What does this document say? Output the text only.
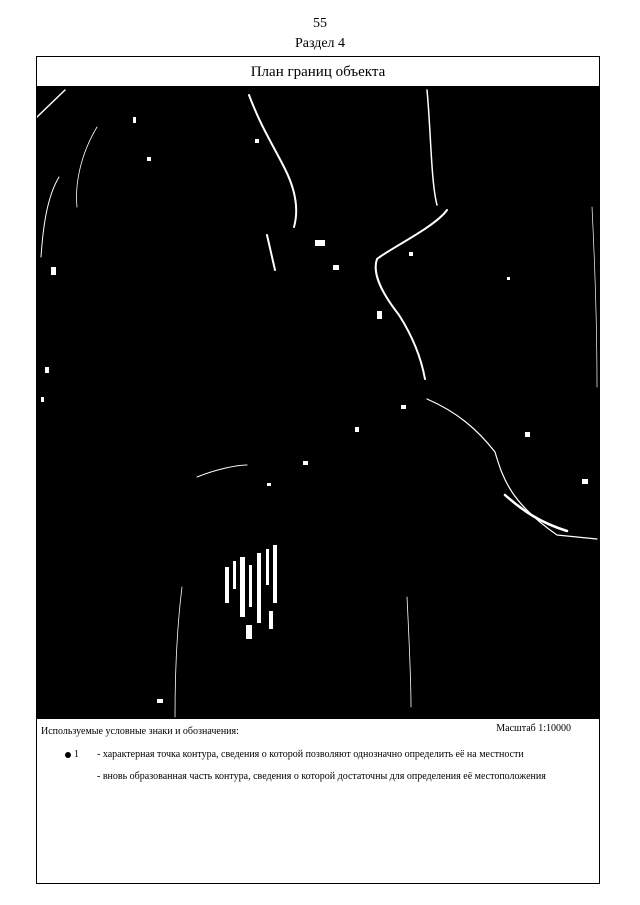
55
Раздел 4
План границ объекта
Используемые условные знаки и обозначения:	Масштаб 1:10000
1 - характерная точка контура, сведения о которой позволяют однозначно определить её на местности
- вновь образованная часть контура, сведения о которой достаточны для определения её местоположения
